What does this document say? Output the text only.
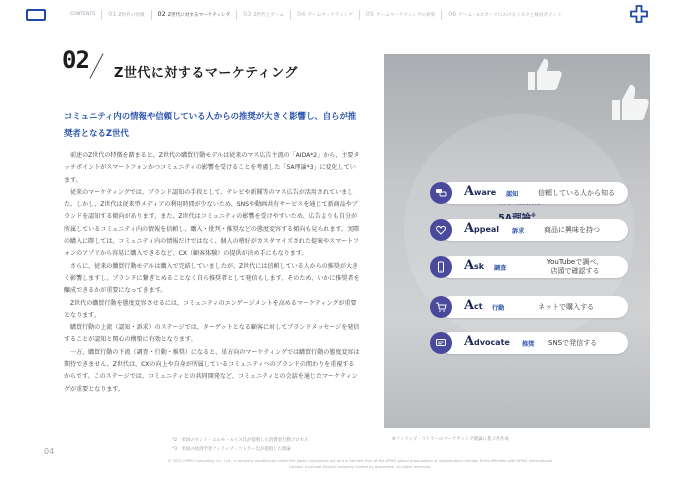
CONTENTS	01 Z世代の特徴	02 Z世代に対するマーケティング	03 Z世代とゲーム	04 ゲームマーケティング	05 ゲームマーケティングの効果	06 ゲーム・eスポーツにおけるリスクと検討ポイント
02 Z世代に対するマーケティング
コミュニティ内の情報や信頼している人からの推奨が大きく影響し、自らが推奨者となるZ世代

前述のZ世代の特徴を踏まると、Z世代の購買行動モデルは従来のマス広告主流の「AIDA*2」から、主要タッチポイントがスマートフォンかつコミュニティの影響を受けることを考慮した「5A理論*3」に変化しています。

従来のマーケティングでは、ブランド認知の手段として、テレビや新聞等のマス広告が活用されていました。しかし、Z世代は従来型メディアの利用時間が少ないため、SNSや動画共有サービスを通じて新商品やブランドを認知する傾向があります。また、Z世代はコミュニティの影響を受けやすいため、広告よりも自分が所属しているコミュニティ内の情報を信頼し、購入・批判・推奨などの態度変容する傾向も見られます。実際の購入に際しては、コミュニティ内の情報だけではなく、個人の嗜好がカスタマイズされた提案やスマートフォンのアプリから容易に購入できるなど、CX（顧客体験）の提供が決め手にもなります。

さらに、従来の購買行動モデルは購入で完結していましたが、Z世代には信頼している人からの推奨が大きく影響しますし、ブランドに繋ぎとめることなく自ら推奨者として発信もします。そのため、いかに推奨者を醸成できるかが重要になってきます。

Z世代の購買行動を態度変容させるには、コミュニティのエンゲージメントを高めるマーケティングが重要となります。

購買行動の上流（認知・訴求）のステージでは、ターゲットとなる顧客に対してブランドメッセージを発信することが認知と関心の構築に有効となります。

一方、購買行動の下流（調査・行動・推奨）になると、単方向のマーケティングでは購買行動の態度変容は期待できません。Z世代は、CXの向上や自身が所属しているコミュニティへのブランドの関わりを重視するからです。このステージでは、コミュニティとの共同開発など、コミュニティとの会話を通じたマーケティングが重要となります。

※
A ware 認知	信頼している人から知る
A ppeal 訴求	商品に興味を持つ
A sk 調査
YouTubeで調べ、
店頭で確認する
A ct 行動	ネットで購入する
A dvocate 推奨 SNSで発信する
*2　米国のセント・エルモ・ルイス氏が提唱した消費者行動プロセス
*3　米国の経済学者フィリップ・コトラー氏が提唱した理論
※フィリップ・コトラーのマーケティング理論に基づき作成
04
© 2022 KPMG Consulting Co., Ltd., a company established under the Japan Companies Act and a member firm of the KPMG global organization of independent member firms affiliated with KPMG International Limited, a private English company limited by guarantee. All rights reserved.
